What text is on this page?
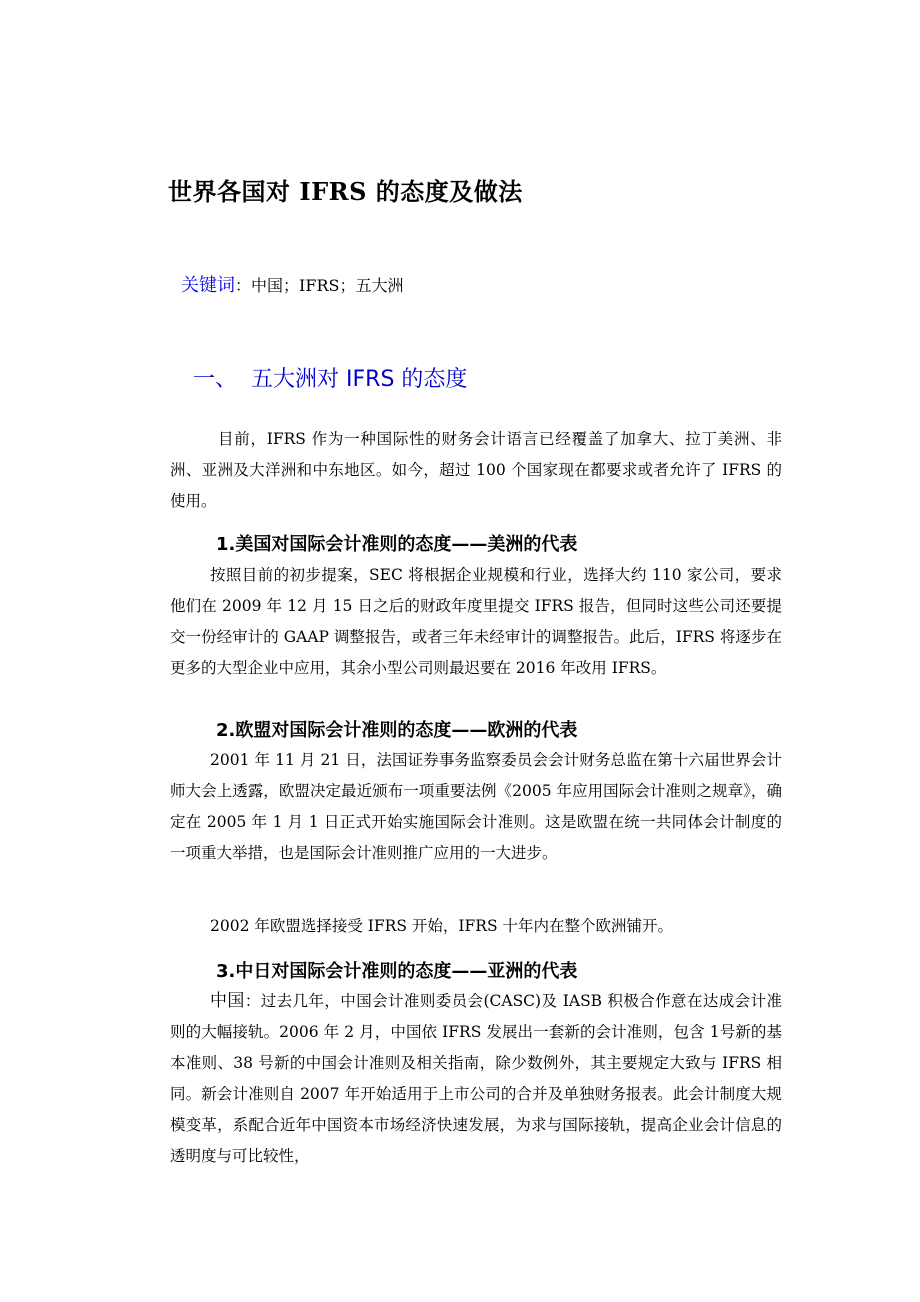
世界各国对 IFRS 的态度及做法
关键词：中国；IFRS；五大洲
一、 五大洲对 IFRS 的态度
目前，IFRS 作为一种国际性的财务会计语言已经覆盖了加拿大、拉丁美洲、非洲、亚洲及大洋洲和中东地区。如今，超过 100 个国家现在都要求或者允许了 IFRS 的使用。
1.美国对国际会计准则的态度——美洲的代表
按照目前的初步提案，SEC 将根据企业规模和行业，选择大约 110 家公司，要求他们在 2009 年 12 月 15 日之后的财政年度里提交 IFRS 报告，但同时这些公司还要提交一份经审计的 GAAP 调整报告，或者三年未经审计的调整报告。此后，IFRS 将逐步在更多的大型企业中应用，其余小型公司则最迟要在 2016 年改用 IFRS。
2.欧盟对国际会计准则的态度——欧洲的代表
2001 年 11 月 21 日，法国证券事务监察委员会会计财务总监在第十六届世界会计师大会上透露，欧盟决定最近颁布一项重要法例《2005 年应用国际会计准则之规章》，确定在 2005 年 1 月 1 日正式开始实施国际会计准则。这是欧盟在统一共同体会计制度的一项重大举措，也是国际会计准则推广应用的一大进步。
2002 年欧盟选择接受 IFRS 开始，IFRS 十年内在整个欧洲铺开。
3.中日对国际会计准则的态度——亚洲的代表
中国：过去几年，中国会计准则委员会(CASC)及 IASB 积极合作意在达成会计准则的大幅接轨。2006 年 2 月，中国依 IFRS 发展出一套新的会计准则，包含 1号新的基本准则、38 号新的中国会计准则及相关指南，除少数例外，其主要规定大致与 IFRS 相同。新会计准则自 2007 年开始适用于上市公司的合并及单独财务报表。此会计制度大规模变革，系配合近年中国资本市场经济快速发展，为求与国际接轨，提高企业会计信息的透明度与可比较性，
